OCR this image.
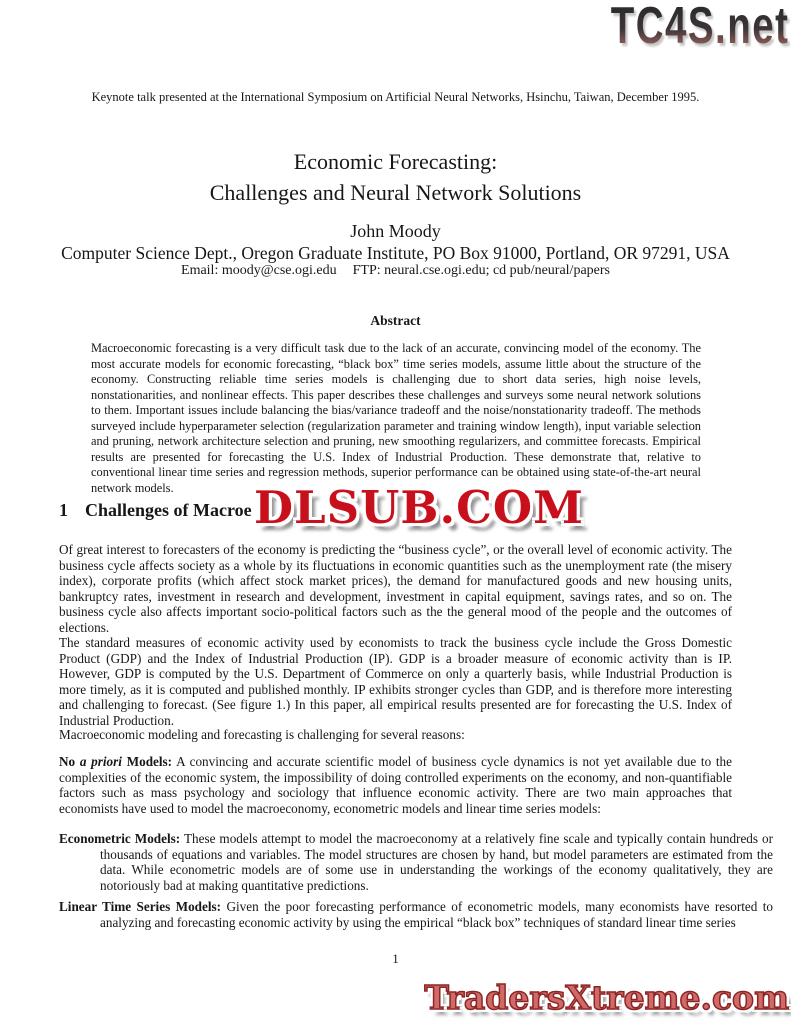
TC4S.net
Keynote talk presented at the International Symposium on Artificial Neural Networks, Hsinchu, Taiwan, December 1995.
Economic Forecasting:
Challenges and Neural Network Solutions
John Moody
Computer Science Dept., Oregon Graduate Institute, PO Box 91000, Portland, OR 97291, USA
Email: moody@cse.ogi.edu FTP: neural.cse.ogi.edu; cd pub/neural/papers
Abstract
Macroeconomic forecasting is a very difficult task due to the lack of an accurate, convincing model of the economy. The most accurate models for economic forecasting, “black box” time series models, assume little about the structure of the economy. Constructing reliable time series models is challenging due to short data series, high noise levels, nonstationarities, and nonlinear effects. This paper describes these challenges and surveys some neural network solutions to them. Important issues include balancing the bias/variance tradeoff and the noise/nonstationarity tradeoff. The methods surveyed include hyperparameter selection (regularization parameter and training window length), input variable selection and pruning, network architecture selection and pruning, new smoothing regularizers, and committee forecasts. Empirical results are presented for forecasting the U.S. Index of Industrial Production. These demonstrate that, relative to conventional linear time series and regression methods, superior performance can be obtained using state-of-the-art neural network models.
1 Challenges of Macroe DLSUB.COM
Of great interest to forecasters of the economy is predicting the “business cycle”, or the overall level of economic activity. The business cycle affects society as a whole by its fluctuations in economic quantities such as the unemployment rate (the misery index), corporate profits (which affect stock market prices), the demand for manufactured goods and new housing units, bankruptcy rates, investment in research and development, investment in capital equipment, savings rates, and so on. The business cycle also affects important socio-political factors such as the the general mood of the people and the outcomes of elections.
The standard measures of economic activity used by economists to track the business cycle include the Gross Domestic Product (GDP) and the Index of Industrial Production (IP). GDP is a broader measure of economic activity than is IP. However, GDP is computed by the U.S. Department of Commerce on only a quarterly basis, while Industrial Production is more timely, as it is computed and published monthly. IP exhibits stronger cycles than GDP, and is therefore more interesting and challenging to forecast. (See figure 1.) In this paper, all empirical results presented are for forecasting the U.S. Index of Industrial Production.
Macroeconomic modeling and forecasting is challenging for several reasons:
No a priori Models: A convincing and accurate scientific model of business cycle dynamics is not yet available due to the complexities of the economic system, the impossibility of doing controlled experiments on the economy, and non-quantifiable factors such as mass psychology and sociology that influence economic activity. There are two main approaches that economists have used to model the macroeconomy, econometric models and linear time series models:
Econometric Models: These models attempt to model the macroeconomy at a relatively fine scale and typically contain hundreds or thousands of equations and variables. The model structures are chosen by hand, but model parameters are estimated from the data. While econometric models are of some use in understanding the workings of the economy qualitatively, they are notoriously bad at making quantitative predictions.
Linear Time Series Models: Given the poor forecasting performance of econometric models, many economists have resorted to analyzing and forecasting economic activity by using the empirical “black box” techniques of standard linear time series
1
TradersXtreme.com
